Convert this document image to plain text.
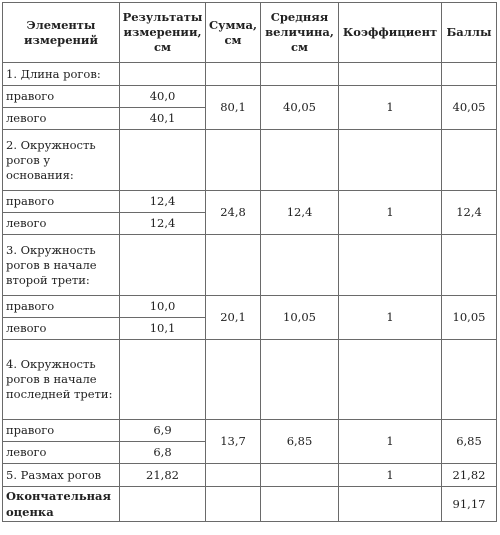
Элементы измерений	Результаты измерении, см	Сумма, см	Средняя величина, см	Коэффициент	Баллы
1. Длина рогов:					
правого	40,0	80,1	40,05	1	40,05
левого	40,1				
2. Окружность рогов у основания:					
правого	12,4	24,8	12,4	1	12,4
левого	12,4				
3. Окружность рогов в начале второй трети:					
правого	10,0	20,1	10,05	1	10,05
левого	10,1				
4. Окружность рогов в начале последней трети:					
правого	6,9	13,7	6,85	1	6,85
левого	6,8				
5. Размах рогов	21,82			1	21,82
Окончательная оценка					91,17
